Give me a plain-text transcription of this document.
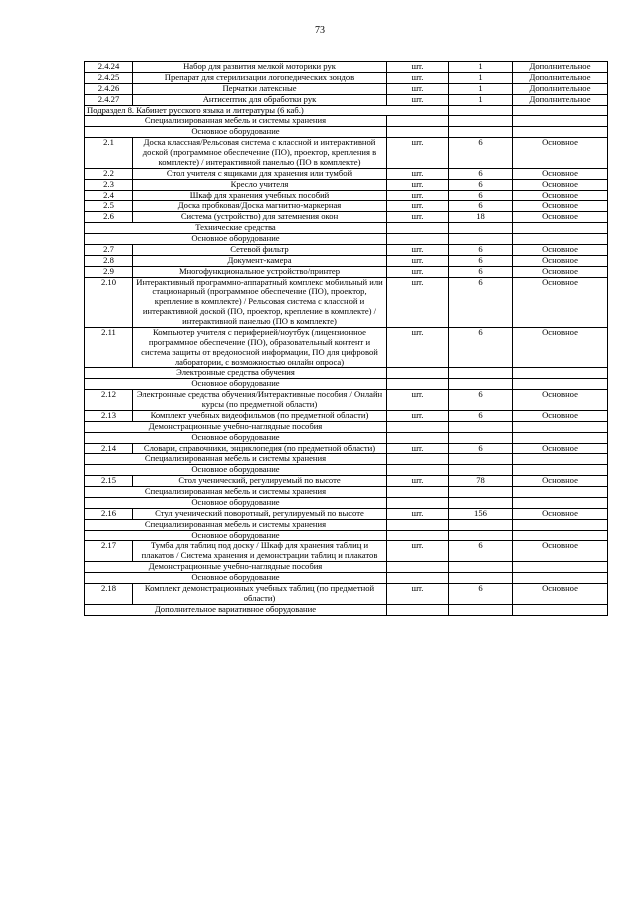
73
2.4.24	Набор для развития мелкой моторики рук	шт.	1	Дополнительное
2.4.25	Препарат для стерилизации логопедических зондов	шт.	1	Дополнительное
2.4.26	Перчатки латексные	шт.	1	Дополнительное
2.4.27	Антисептик для обработки рук	шт.	1	Дополнительное
Подраздел 8. Кабинет русского языка и литературы (6 каб.)				
Специализированная мебель и системы хранения				
Основное оборудование				
2.1	Доска классная/Рельсовая система с классной и интерактивной доской (программное обеспечение (ПО), проектор, крепления в комплекте) / интерактивной панелью (ПО в комплекте)	шт.	6	Основное
2.2	Стол учителя с ящиками для хранения или тумбой	шт.	6	Основное
2.3	Кресло учителя	шт.	6	Основное
2.4	Шкаф для хранения учебных пособий	шт.	6	Основное
2.5	Доска пробковая/Доска магнитно-маркерная	шт.	6	Основное
2.6	Система (устройство) для затемнения окон	шт.	18	Основное
Технические средства				
Основное оборудование				
2.7	Сетевой фильтр	шт.	6	Основное
2.8	Документ-камера	шт.	6	Основное
2.9	Многофункциональное устройство/принтер	шт.	6	Основное
2.10	Интерактивный программно-аппаратный комплекс мобильный или стационарный (программное обеспечение (ПО), проектор, крепление в комплекте) / Рельсовая система с классной и интерактивной доской (ПО, проектор, крепление в комплекте) / интерактивной панелью (ПО в комплекте)	шт.	6	Основное
2.11	Компьютер учителя с периферией/ноутбук (лицензионное программное обеспечение (ПО), образовательный контент и система защиты от вредоносной информации, ПО для цифровой лаборатории, с возможностью онлайн опроса)	шт.	6	Основное
Электронные средства обучения				
Основное оборудование				
2.12	Электронные средства обучения/Интерактивные пособия / Онлайн курсы (по предметной области)	шт.	6	Основное
2.13	Комплект учебных видеофильмов (по предметной области)	шт.	6	Основное
Демонстрационные учебно-наглядные пособия				
Основное оборудование				
2.14	Словари, справочники, энциклопедия (по предметной области)	шт.	6	Основное
Специализированная мебель и системы хранения				
Основное оборудование				
2.15	Стол ученический, регулируемый по высоте	шт.	78	Основное
Специализированная мебель и системы хранения				
Основное оборудование				
2.16	Стул ученический поворотный, регулируемый по высоте	шт.	156	Основное
Специализированная мебель и системы хранения				
Основное оборудование				
2.17	Тумба для таблиц под доску / Шкаф для хранения таблиц и плакатов / Система хранения и демонстрации таблиц и плакатов	шт.	6	Основное
Демонстрационные учебно-наглядные пособия				
Основное оборудование				
2.18	Комплект демонстрационных учебных таблиц (по предметной области)	шт.	6	Основное
Дополнительное вариативное оборудование				
